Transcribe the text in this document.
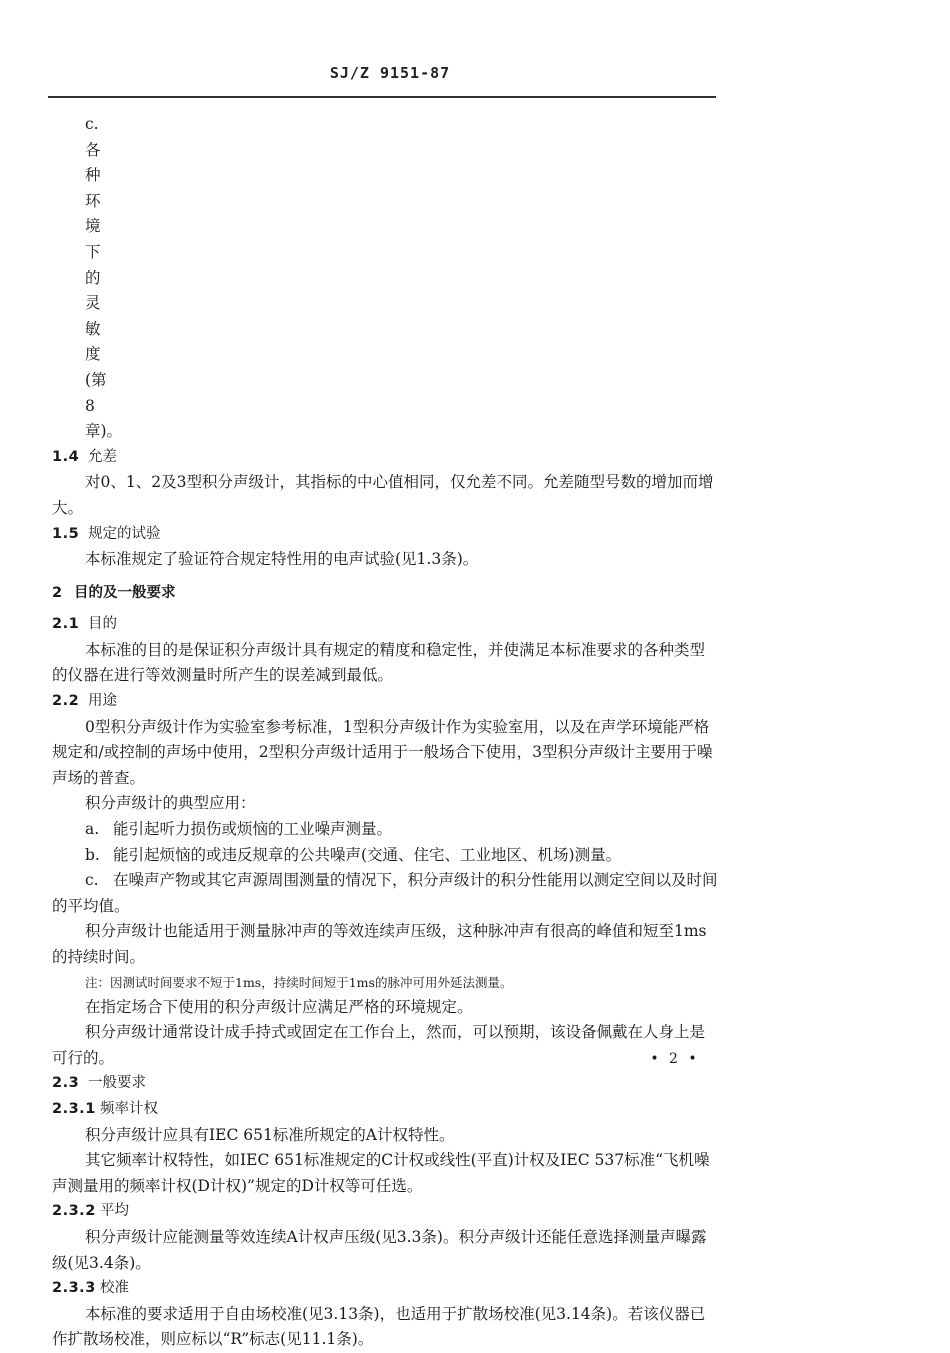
SJ/Z 9151-87

c. 各种环境下的灵敏度(第8章)。

1.4 允差

对0、1、2及3型积分声级计，其指标的中心值相同，仅允差不同。允差随型号数的增加而增大。

1.5 规定的试验

本标准规定了验证符合规定特性用的电声试验(见1.3条)。

2 目的及一般要求

2.1 目的

本标准的目的是保证积分声级计具有规定的精度和稳定性，并使满足本标准要求的各种类型的仪器在进行等效测量时所产生的误差减到最低。

2.2 用途

0型积分声级计作为实验室参考标准，1型积分声级计作为实验室用，以及在声学环境能严格规定和/或控制的声场中使用，2型积分声级计适用于一般场合下使用，3型积分声级计主要用于噪声场的普查。

积分声级计的典型应用：

a. 能引起听力损伤或烦恼的工业噪声测量。

b. 能引起烦恼的或违反规章的公共噪声(交通、住宅、工业地区、机场)测量。

c. 在噪声产物或其它声源周围测量的情况下，积分声级计的积分性能用以测定空间以及时间的平均值。

积分声级计也能适用于测量脉冲声的等效连续声压级，这种脉冲声有很高的峰值和短至1ms的持续时间。

注：因测试时间要求不短于1ms，持续时间短于1ms的脉冲可用外延法测量。

在指定场合下使用的积分声级计应满足严格的环境规定。

积分声级计通常设计成手持式或固定在工作台上，然而，可以预期，该设备佩戴在人身上是可行的。

2.3 一般要求

2.3.1 频率计权

积分声级计应具有IEC 651标准所规定的A计权特性。

其它频率计权特性，如IEC 651标准规定的C计权或线性(平直)计权及IEC 537标准“飞机噪声测量用的频率计权(D计权)”规定的D计权等可任选。

2.3.2 平均

积分声级计应能测量等效连续A计权声压级(见3.3条)。积分声级计还能任意选择测量声曝露级(见3.4条)。

2.3.3 校准

本标准的要求适用于自由场校准(见3.13条)，也适用于扩散场校准(见3.14条)。若该仪器已作扩散场校准，则应标以“R”标志(见11.1条)。

• 2 •
